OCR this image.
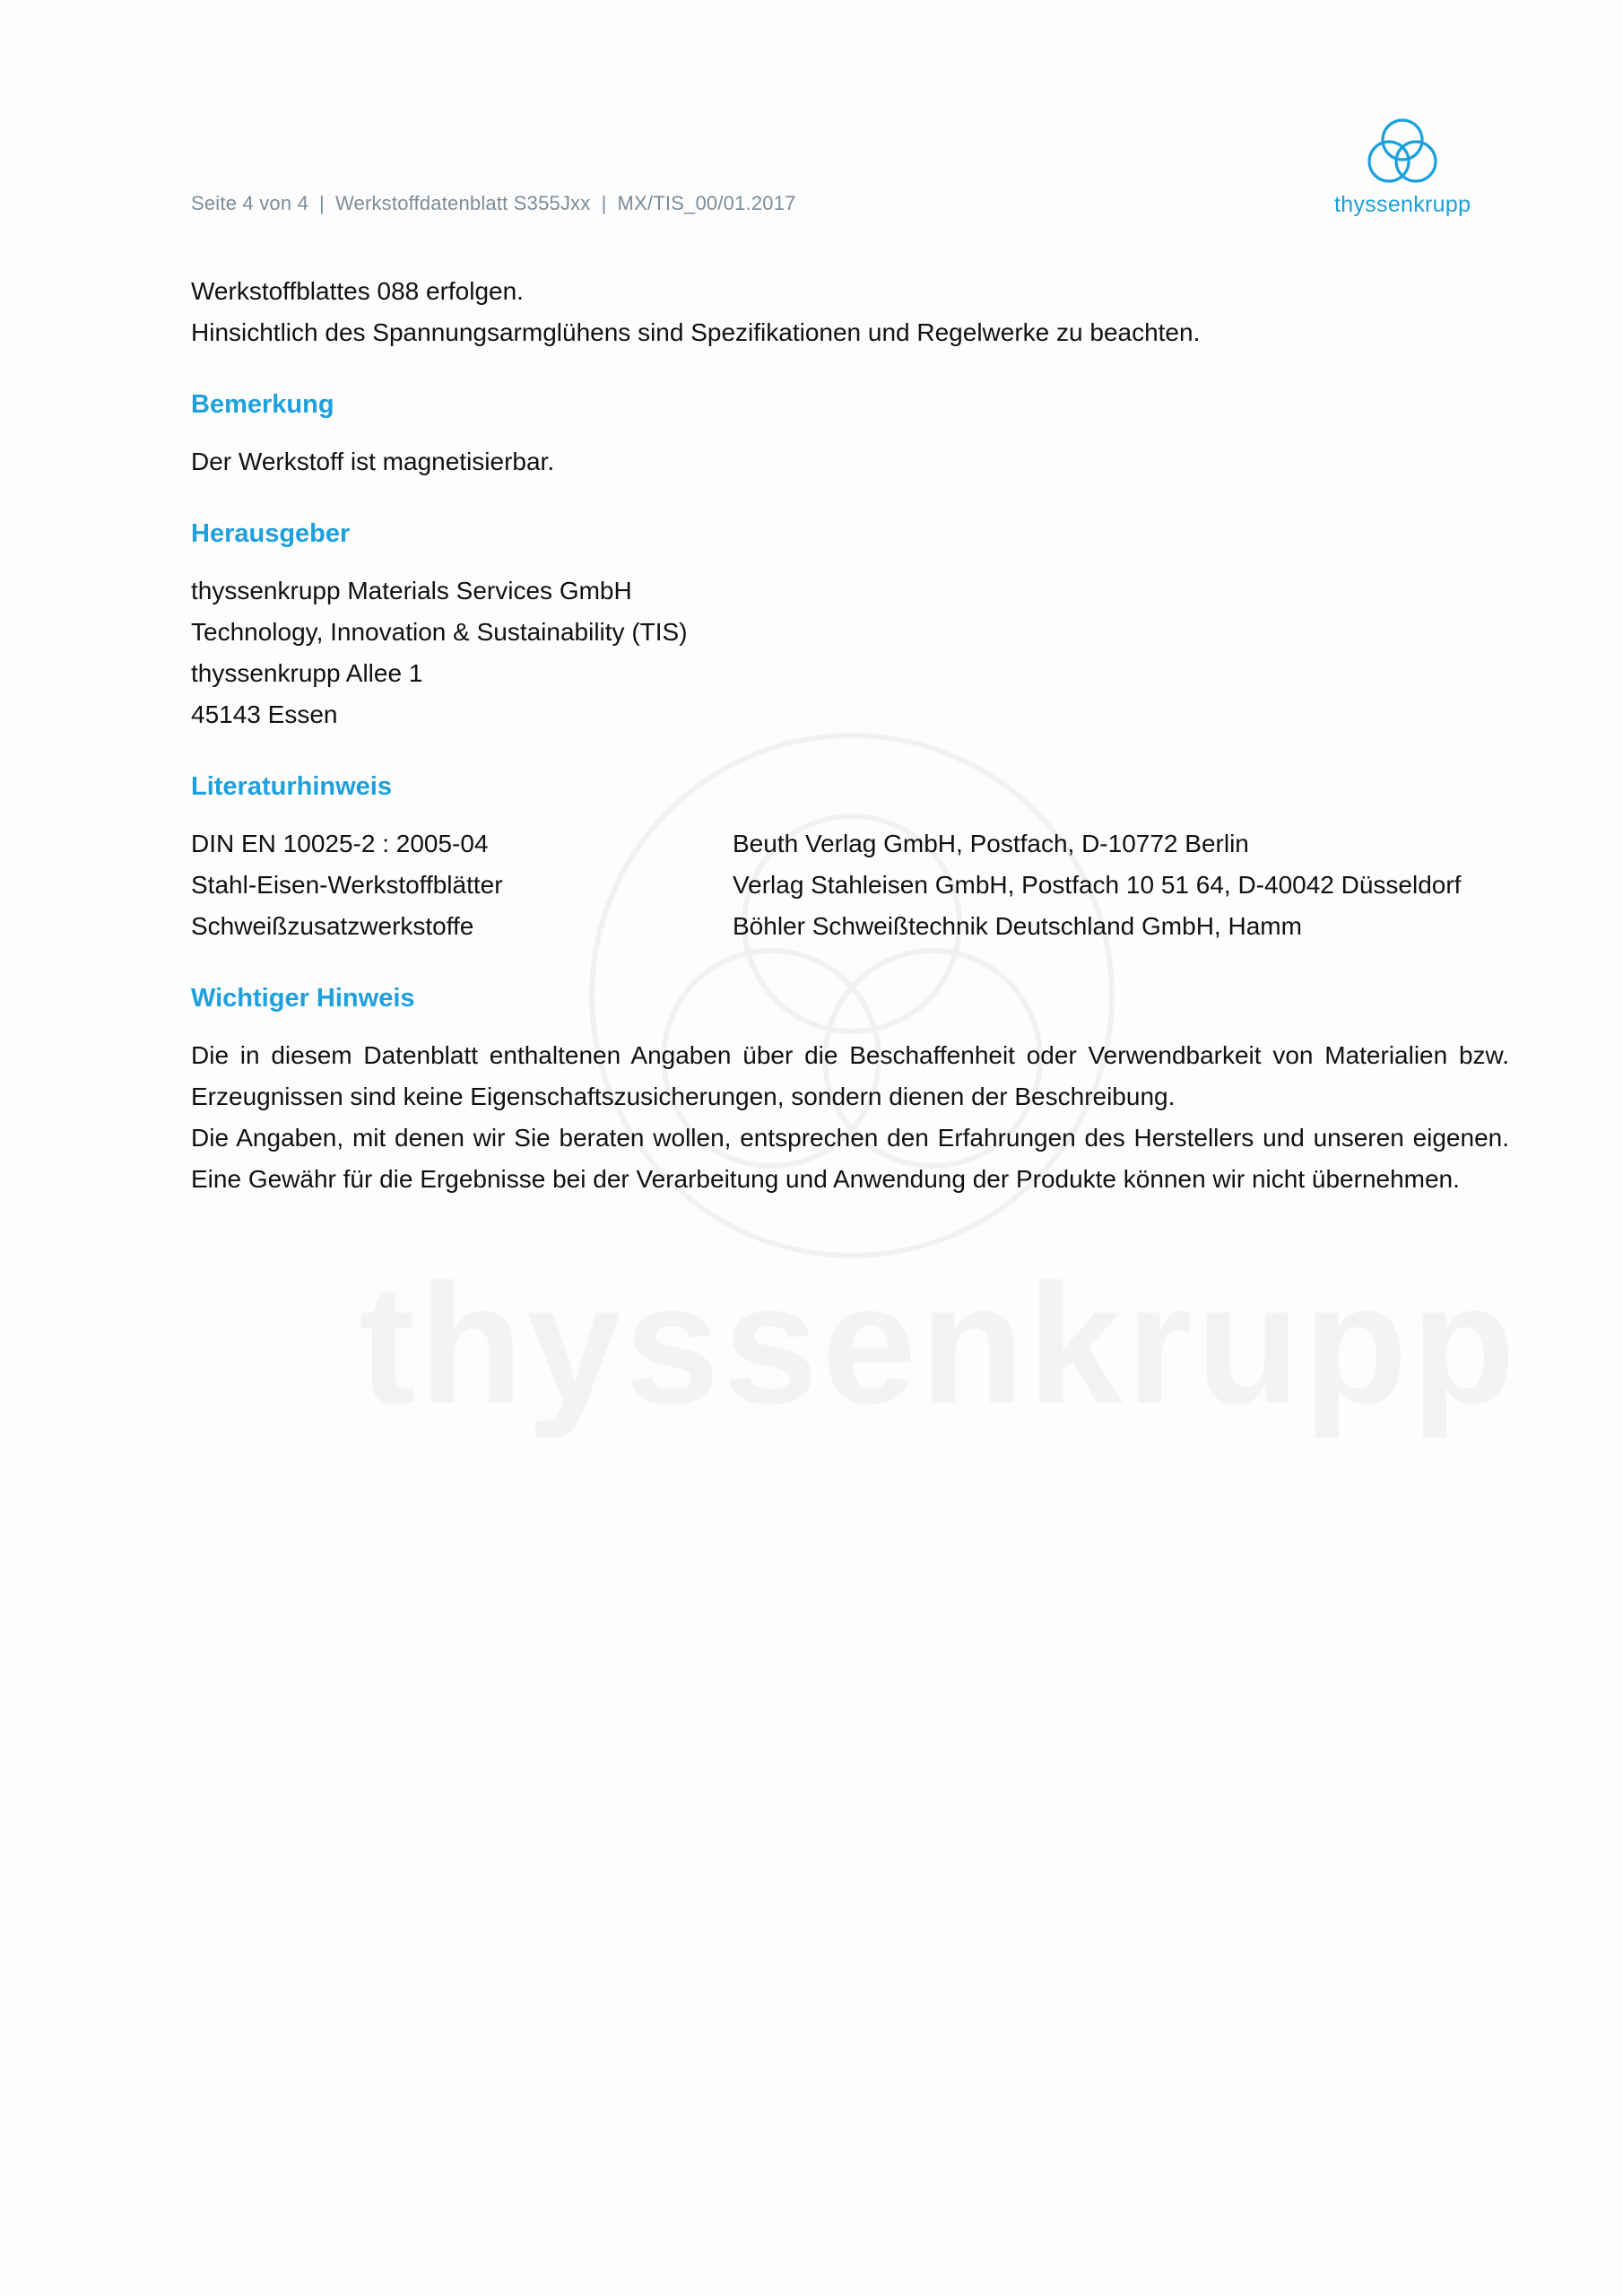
thyssenkrupp
Seite 4 von 4 | Werkstoffdatenblatt S355Jxx | MX/TIS_00/01.2017	thyssenkrupp

Werkstoffblattes 088 erfolgen.

Hinsichtlich des Spannungsarmglühens sind Spezifikationen und Regelwerke zu beachten.

Bemerkung

Der Werkstoff ist magnetisierbar.

Herausgeber

thyssenkrupp Materials Services GmbH

Technology, Innovation & Sustainability (TIS)

thyssenkrupp Allee 1

45143 Essen

Literaturhinweis
DIN EN 10025-2 : 2005-04	Beuth Verlag GmbH, Postfach, D-10772 Berlin
Stahl-Eisen-Werkstoffblätter	Verlag Stahleisen GmbH, Postfach 10 51 64, D-40042 Düsseldorf
Schweißzusatzwerkstoffe	Böhler Schweißtechnik Deutschland GmbH, Hamm
Wichtiger Hinweis

Die in diesem Datenblatt enthaltenen Angaben über die Beschaffenheit oder Verwendbarkeit von Materialien bzw. Erzeugnissen sind keine Eigenschaftszusicherungen, sondern dienen der Beschreibung.

Die Angaben, mit denen wir Sie beraten wollen, entsprechen den Erfahrungen des Herstellers und unseren eigenen. Eine Gewähr für die Ergebnisse bei der Verarbeitung und Anwendung der Produkte können wir nicht übernehmen.
